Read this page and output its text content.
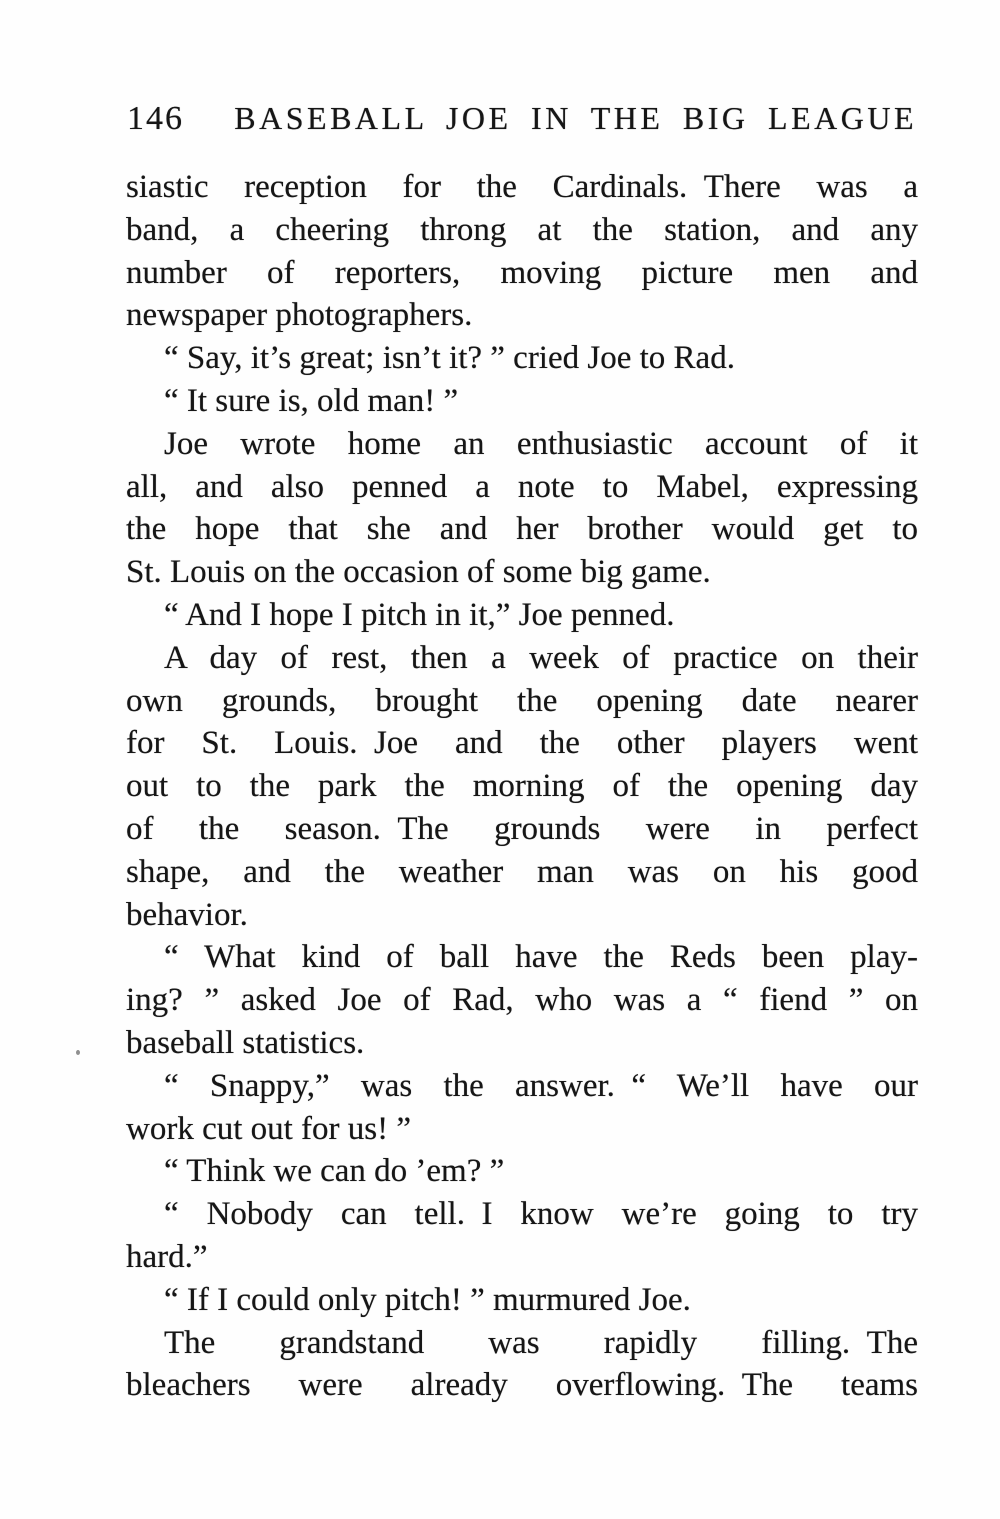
146 BASEBALL JOE IN THE BIG LEAGUE
siastic reception for the Cardinals. There was a
band, a cheering throng at the station, and any
number of reporters, moving picture men and
newspaper photographers.
“ Say, it’s great; isn’t it? ” cried Joe to Rad.
“ It sure is, old man! ”
Joe wrote home an enthusiastic account of it
all, and also penned a note to Mabel, expressing
the hope that she and her brother would get to
St. Louis on the occasion of some big game.
“ And I hope I pitch in it,” Joe penned.
A day of rest, then a week of practice on their
own grounds, brought the opening date nearer
for St. Louis. Joe and the other players went
out to the park the morning of the opening day
of the season. The grounds were in perfect
shape, and the weather man was on his good
behavior.
“ What kind of ball have the Reds been play-
ing? ” asked Joe of Rad, who was a “ fiend ” on
baseball statistics.
“ Snappy,” was the answer. “ We’ll have our
work cut out for us! ”
“ Think we can do ’em? ”
“ Nobody can tell. I know we’re going to try
hard.”
“ If I could only pitch! ” murmured Joe.
The grandstand was rapidly filling. The
bleachers were already overflowing. The teams
